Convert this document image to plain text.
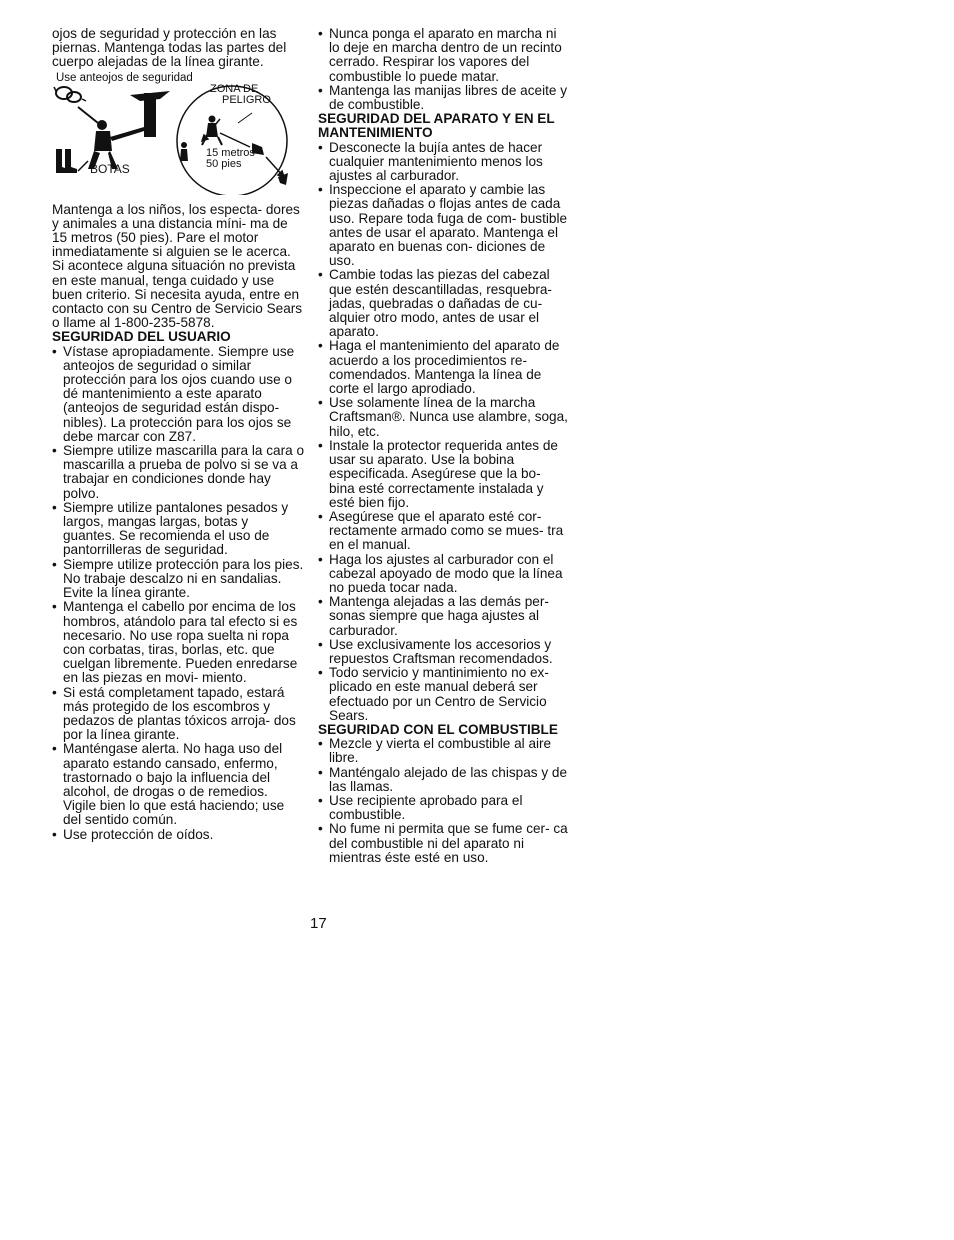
ojos de seguridad y protección en las piernas. Mantenga todas las partes del cuerpo alejadas de la línea girante.

Use anteojos de seguridad

ZONA DE
PELIGRO
15 metros
50 pies
BOTAS

Mantenga a los niños, los especta- dores y animales a una distancia míni- ma de 15 metros (50 pies). Pare el motor inmediatamente si alguien se le acerca.

Si acontece alguna situación no prevista en este manual, tenga cuidado y use buen criterio. Si necesita ayuda, entre en contacto con su Centro de Servicio Sears o llame al 1-800-235-5878.

SEGURIDAD DEL USUARIO

• Vístase apropiadamente. Siempre use anteojos de seguridad o similar protección para los ojos cuando use o dé mantenimiento a este aparato (anteojos de seguridad están dispo- nibles). La protección para los ojos se debe marcar con Z87.
• Siempre utilize mascarilla para la cara o mascarilla a prueba de polvo si se va a trabajar en condiciones donde hay polvo.
• Siempre utilize pantalones pesados y largos, mangas largas, botas y guantes. Se recomienda el uso de pantorrilleras de seguridad.
• Siempre utilize protección para los pies. No trabaje descalzo ni en sandalias. Evite la línea girante.
• Mantenga el cabello por encima de los hombros, atándolo para tal efecto si es necesario. No use ropa suelta ni ropa con corbatas, tiras, borlas, etc. que cuelgan libremente. Pueden enredarse en las piezas en movi- miento.
• Si está completament tapado, estará más protegido de los escombros y pedazos de plantas tóxicos arroja- dos por la línea girante.
• Manténgase alerta. No haga uso del aparato estando cansado, enfermo, trastornado o bajo la influencia del alcohol, de drogas o de remedios. Vigile bien lo que está haciendo; use del sentido común.
• Use protección de oídos.
• Nunca ponga el aparato en marcha ni lo deje en marcha dentro de un recinto cerrado. Respirar los vapores del combustible lo puede matar.
• Mantenga las manijas libres de aceite y de combustible.

SEGURIDAD DEL APARATO Y EN EL MANTENIMIENTO

• Desconecte la bujía antes de hacer cualquier mantenimiento menos los ajustes al carburador.
• Inspeccione el aparato y cambie las piezas dañadas o flojas antes de cada uso. Repare toda fuga de com- bustible antes de usar el aparato. Mantenga el aparato en buenas con- diciones de uso.
• Cambie todas las piezas del cabezal que estén descantilladas, resquebra- jadas, quebradas o dañadas de cu- alquier otro modo, antes de usar el aparato.
• Haga el mantenimiento del aparato de acuerdo a los procedimientos re- comendados. Mantenga la línea de corte el largo aprodiado.
• Use solamente línea de la marcha Craftsman®. Nunca use alambre, soga, hilo, etc.
• Instale la protector requerida antes de usar su aparato. Use la bobina especificada. Asegúrese que la bo- bina esté correctamente instalada y esté bien fijo.
• Asegúrese que el aparato esté cor- rectamente armado como se mues- tra en el manual.
• Haga los ajustes al carburador con el cabezal apoyado de modo que la línea no pueda tocar nada.
• Mantenga alejadas a las demás per- sonas siempre que haga ajustes al carburador.
• Use exclusivamente los accesorios y repuestos Craftsman recomendados.
• Todo servicio y mantinimiento no ex- plicado en este manual deberá ser efectuado por un Centro de Servicio Sears.

SEGURIDAD CON EL COMBUSTIBLE

• Mezcle y vierta el combustible al aire libre.
• Manténgalo alejado de las chispas y de las llamas.
• Use recipiente aprobado para el combustible.
• No fume ni permita que se fume cer- ca del combustible ni del aparato ni mientras éste esté en uso.
17
